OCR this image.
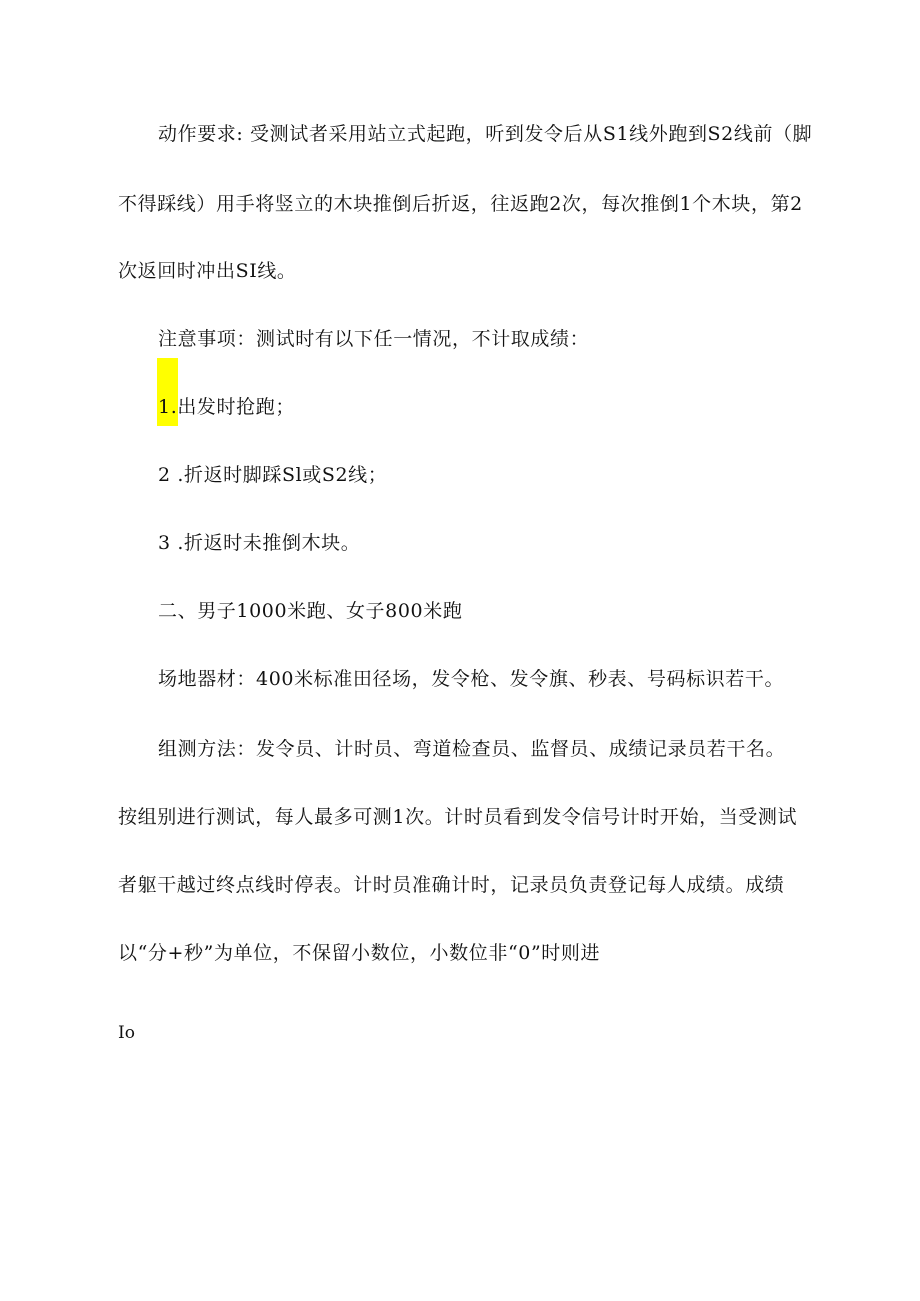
动作要求: 受测试者采用站立式起跑，听到发令后从S1线外跑到S2线前（脚

不得踩线）用手将竖立的木块推倒后折返，往返跑2次，每次推倒1个木块，第2

次返回时冲出SI线。

注意事项：测试时有以下任一情况，不计取成绩：

1.出发时抢跑；

2 .折返时脚踩Sl或S2线；

3 .折返时未推倒木块。

二、男子1000米跑、女子800米跑

场地器材：400米标准田径场，发令枪、发令旗、秒表、号码标识若干。

组测方法：发令员、计时员、弯道检查员、监督员、成绩记录员若干名。

按组别进行测试，每人最多可测1次。计时员看到发令信号计时开始，当受测试

者躯干越过终点线时停表。计时员准确计时，记录员负责登记每人成绩。成绩

以“分+秒”为单位，不保留小数位，小数位非“0”时则进

Io
